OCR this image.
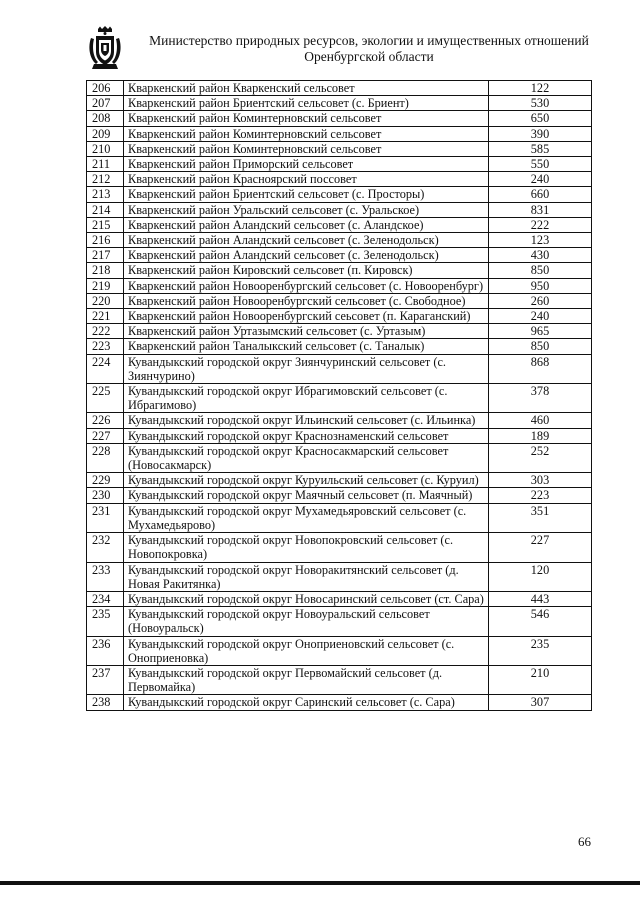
Министерство природных ресурсов, экологии и имущественных отношений
Оренбургской области
206	Кваркенский район Кваркенский сельсовет	122
207	Кваркенский район Бриентский сельсовет (с. Бриент)	530
208	Кваркенский район Коминтерновский сельсовет	650
209	Кваркенский район Коминтерновский сельсовет	390
210	Кваркенский район Коминтерновский сельсовет	585
211	Кваркенский район Приморский сельсовет	550
212	Кваркенский район Красноярский поссовет	240
213	Кваркенский район Бриентский сельсовет (с. Просторы)	660
214	Кваркенский район Уральский сельсовет (с. Уральское)	831
215	Кваркенский район Аландский сельсовет (с. Аландское)	222
216	Кваркенский район Аландский сельсовет (с. Зеленодольск)	123
217	Кваркенский район Аландский сельсовет (с. Зеленодольск)	430
218	Кваркенский район Кировский сельсовет (п. Кировск)	850
219	Кваркенский район Новооренбургский сельсовет (с. Новооренбург)	950
220	Кваркенский район Новооренбургский сельсовет (с. Свободное)	260
221	Кваркенский район Новооренбургский сеьсовет (п. Караганский)	240
222	Кваркенский район Уртазымский сельсовет (с. Уртазым)	965
223	Кваркенский район Таналыкский сельсовет (с. Таналык)	850
224	Кувандыкский городской округ Зиянчуринский сельсовет (с. Зиянчурино)	868
225	Кувандыкский городской округ Ибрагимовский сельсовет (с. Ибрагимово)	378
226	Кувандыкский городской округ Ильинский сельсовет (с. Ильинка)	460
227	Кувандыкский городской округ Краснознаменский сельсовет	189
228	Кувандыкский городской округ Красносакмарский сельсовет (Новосакмарск)	252
229	Кувандыкский городской округ Куруильский сельсовет (с. Куруил)	303
230	Кувандыкский городской округ Маячный сельсовет (п. Маячный)	223
231	Кувандыкский городской округ Мухамедьяровский сельсовет (с. Мухамедьярово)	351
232	Кувандыкский городской округ Новопокровский сельсовет (с. Новопокровка)	227
233	Кувандыкский городской округ Новоракитянский сельсовет (д. Новая Ракитянка)	120
234	Кувандыкский городской округ Новосаринский сельсовет (ст. Сара)	443
235	Кувандыкский городской округ Новоуральский сельсовет (Новоуральск)	546
236	Кувандыкский городской округ Оноприеновский сельсовет (с. Оноприеновка)	235
237	Кувандыкский городской округ Первомайский сельсовет (д. Первомайка)	210
238	Кувандыкский городской округ Саринский сельсовет (с. Сара)	307
66
